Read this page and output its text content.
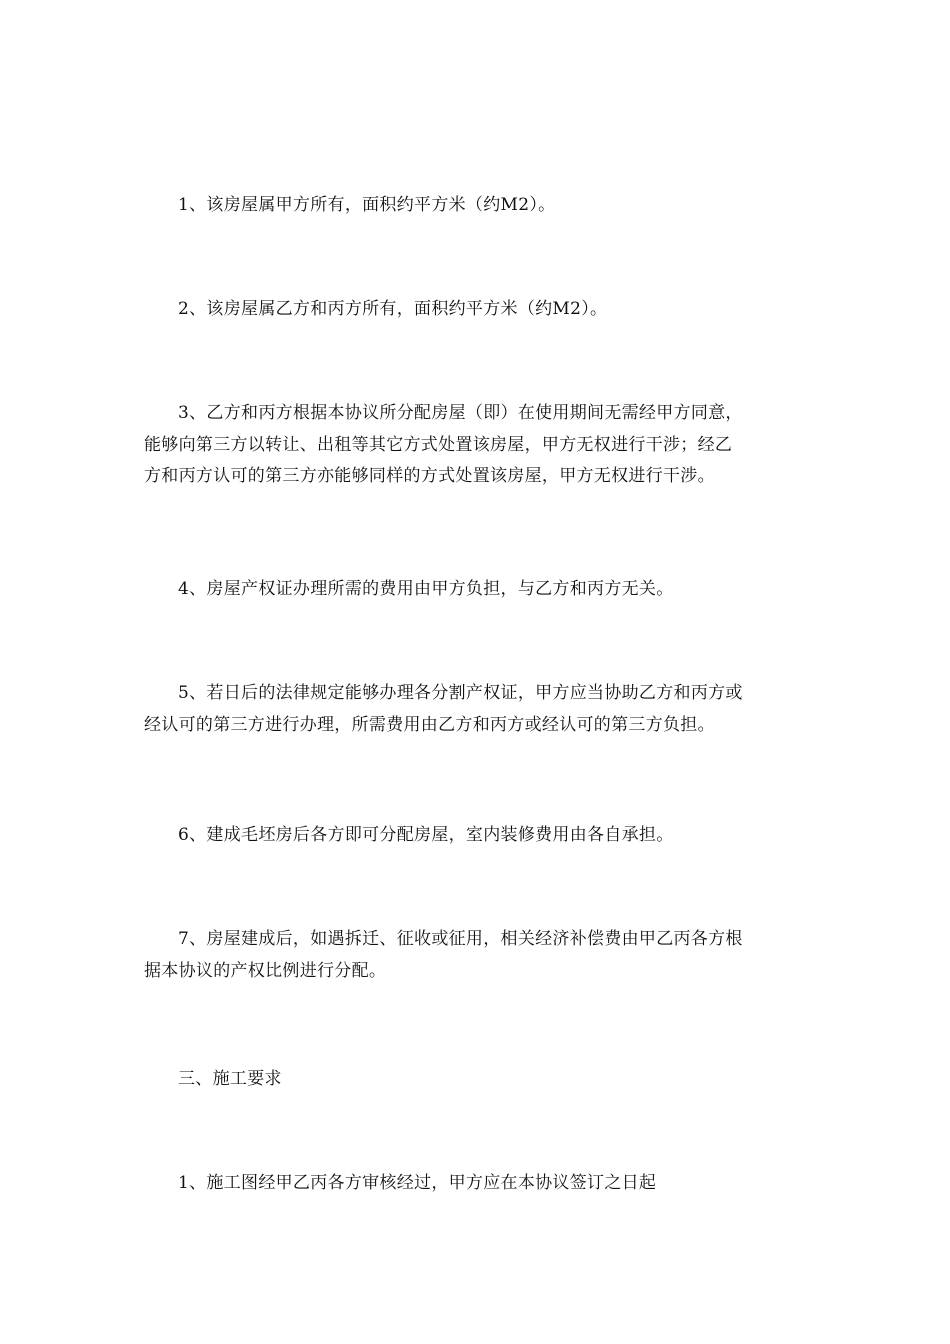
1、该房屋属甲方所有，面积约平方米（约M2）。

2、该房屋属乙方和丙方所有，面积约平方米（约M2）。

3、乙方和丙方根据本协议所分配房屋（即）在使用期间无需经甲方同意，
能够向第三方以转让、出租等其它方式处置该房屋，甲方无权进行干涉；经乙
方和丙方认可的第三方亦能够同样的方式处置该房屋，甲方无权进行干涉。

4、房屋产权证办理所需的费用由甲方负担，与乙方和丙方无关。

5、若日后的法律规定能够办理各分割产权证，甲方应当协助乙方和丙方或
经认可的第三方进行办理，所需费用由乙方和丙方或经认可的第三方负担。

6、建成毛坯房后各方即可分配房屋，室内装修费用由各自承担。

7、房屋建成后，如遇拆迁、征收或征用，相关经济补偿费由甲乙丙各方根
据本协议的产权比例进行分配。

三、施工要求

1、施工图经甲乙丙各方审核经过，甲方应在本协议签订之日起
